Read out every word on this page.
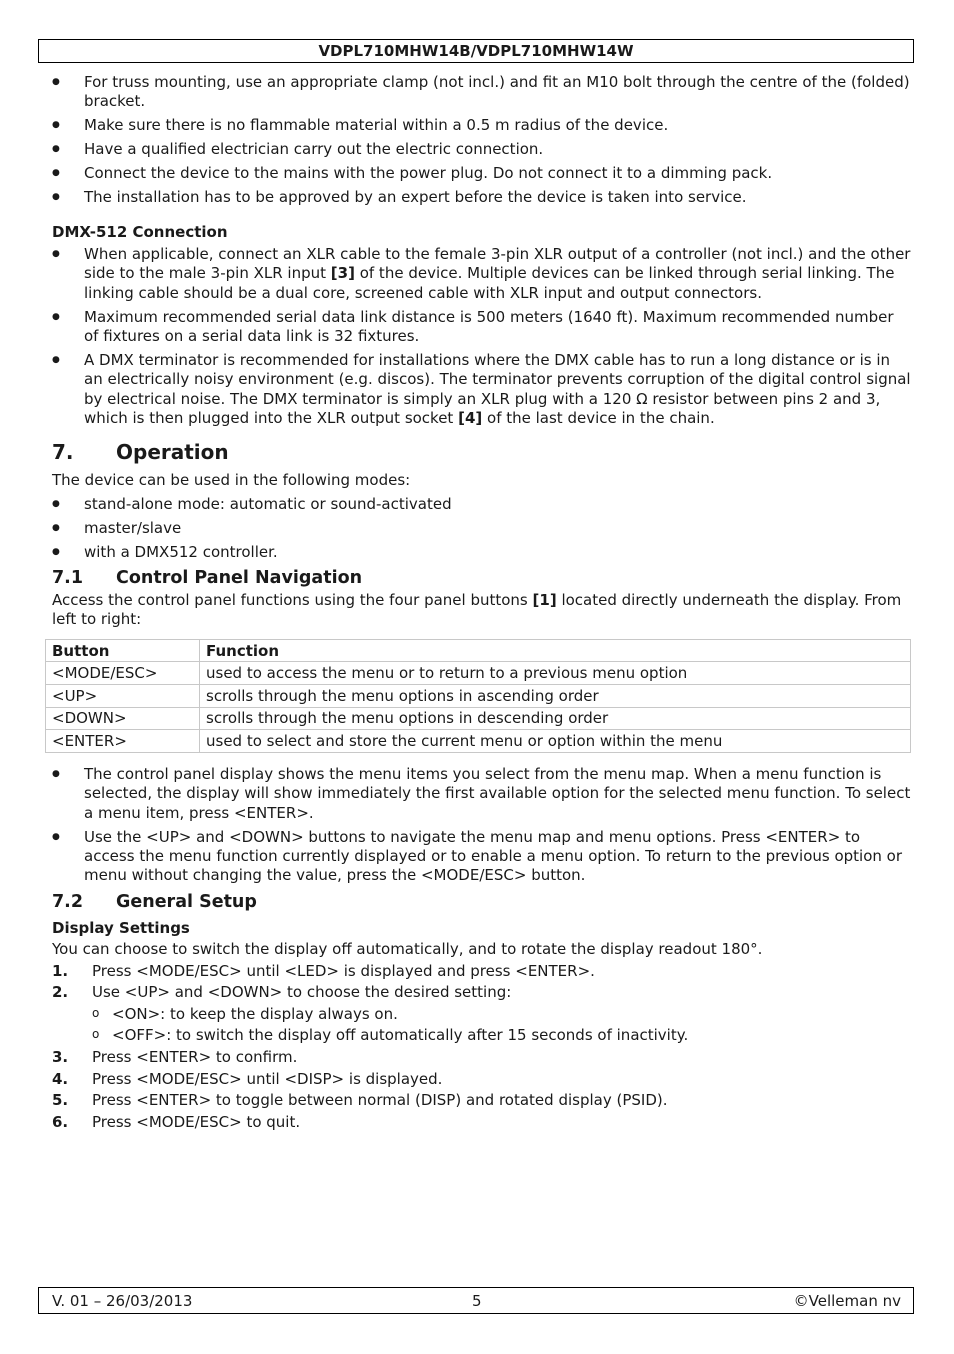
VDPL710MHW14B/VDPL710MHW14W
● For truss mounting, use an appropriate clamp (not incl.) and fit an M10 bolt through the centre of the (folded) bracket.
● Make sure there is no flammable material within a 0.5 m radius of the device.
● Have a qualified electrician carry out the electric connection.
● Connect the device to the mains with the power plug. Do not connect it to a dimming pack.
● The installation has to be approved by an expert before the device is taken into service.
DMX-512 Connection
● When applicable, connect an XLR cable to the female 3-pin XLR output of a controller (not incl.) and the other side to the male 3-pin XLR input [3] of the device. Multiple devices can be linked through serial linking. The linking cable should be a dual core, screened cable with XLR input and output connectors.
● Maximum recommended serial data link distance is 500 meters (1640 ft). Maximum recommended number of fixtures on a serial data link is 32 fixtures.
● A DMX terminator is recommended for installations where the DMX cable has to run a long distance or is in an electrically noisy environment (e.g. discos). The terminator prevents corruption of the digital control signal by electrical noise. The DMX terminator is simply an XLR plug with a 120 Ω resistor between pins 2 and 3, which is then plugged into the XLR output socket [4] of the last device in the chain.
7. Operation

The device can be used in the following modes:

● stand-alone mode: automatic or sound-activated
● master/slave
● with a DMX512 controller.
7.1 Control Panel Navigation

Access the control panel functions using the four panel buttons [1] located directly underneath the display. From left to right:

Button	Function
<MODE/ESC>	used to access the menu or to return to a previous menu option
<UP>	scrolls through the menu options in ascending order
<DOWN>	scrolls through the menu options in descending order
<ENTER>	used to select and store the current menu or option within the menu
● The control panel display shows the menu items you select from the menu map. When a menu function is selected, the display will show immediately the first available option for the selected menu function. To select a menu item, press <ENTER>.
● Use the <UP> and <DOWN> buttons to navigate the menu map and menu options. Press <ENTER> to access the menu function currently displayed or to enable a menu option. To return to the previous option or menu without changing the value, press the <MODE/ESC> button.
7.2 General Setup
Display Settings

You can choose to switch the display off automatically, and to rotate the display readout 180°.

1. Press <MODE/ESC> until <LED> is displayed and press <ENTER>.
2. Use <UP> and <DOWN> to choose the desired setting:
o <ON>: to keep the display always on.
o <OFF>: to switch the display off automatically after 15 seconds of inactivity.
3. Press <ENTER> to confirm.
4. Press <MODE/ESC> until <DISP> is displayed.
5. Press <ENTER> to toggle between normal (DISP) and rotated display (PSID).
6. Press <MODE/ESC> to quit.
V. 01 – 26/03/2013	5	©Velleman nv
